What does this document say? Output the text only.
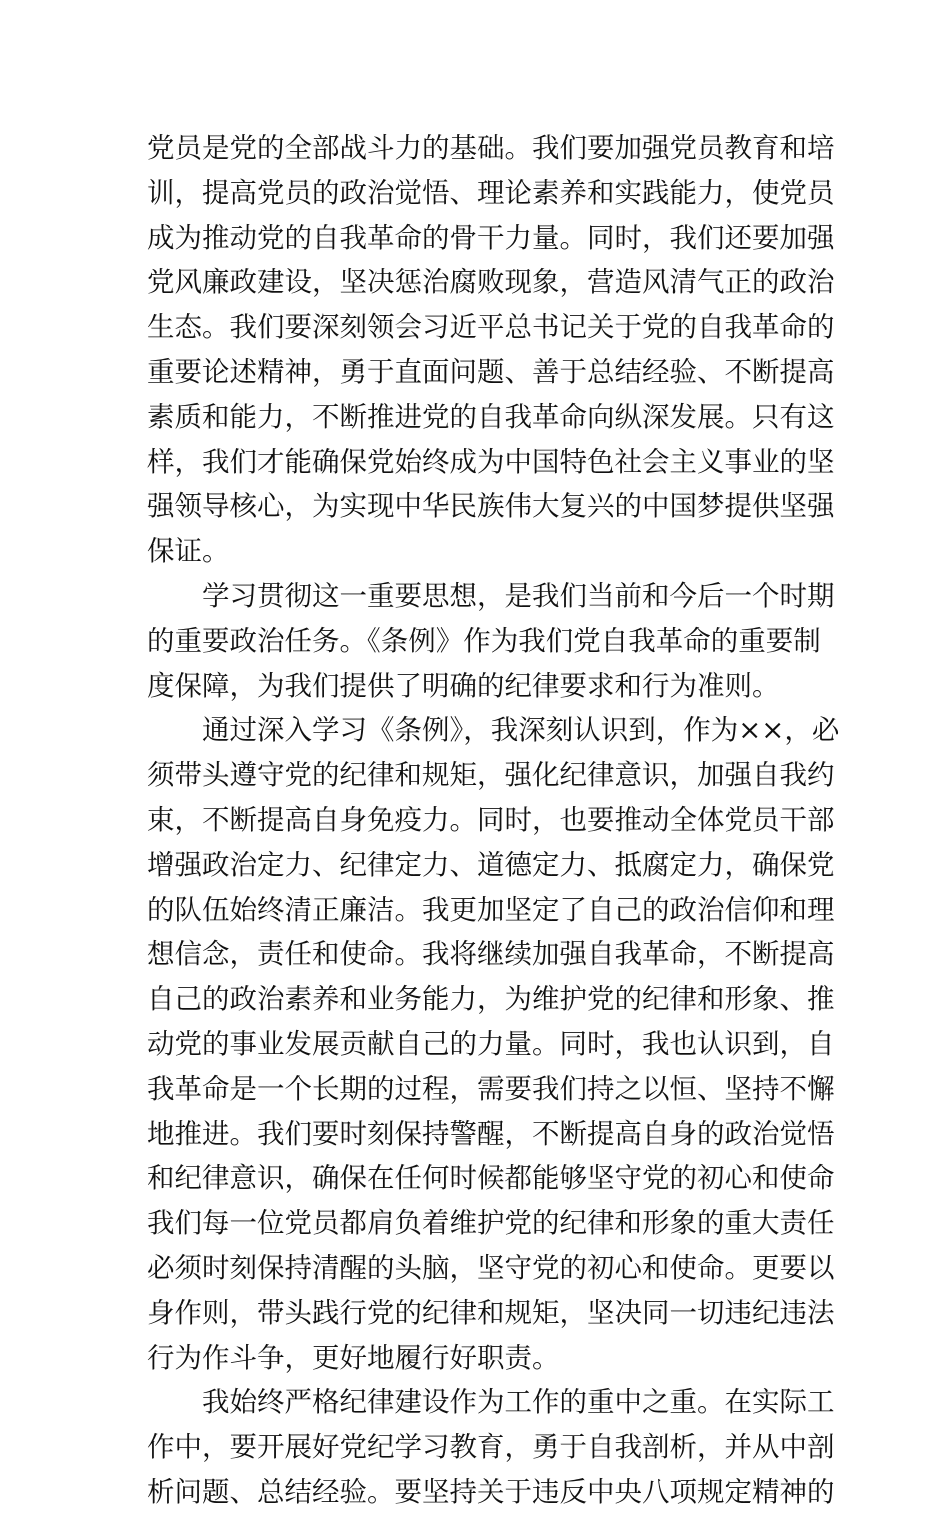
党员是党的全部战斗力的基础。我们要加强党员教育和培
训，提高党员的政治觉悟、理论素养和实践能力，使党员
成为推动党的自我革命的骨干力量。同时，我们还要加强
党风廉政建设，坚决惩治腐败现象，营造风清气正的政治
生态。我们要深刻领会习近平总书记关于党的自我革命的
重要论述精神，勇于直面问题、善于总结经验、不断提高
素质和能力，不断推进党的自我革命向纵深发展。只有这
样，我们才能确保党始终成为中国特色社会主义事业的坚
强领导核心，为实现中华民族伟大复兴的中国梦提供坚强
保证。
学习贯彻这一重要思想，是我们当前和今后一个时期
的重要政治任务。《条例》作为我们党自我革命的重要制
度保障，为我们提供了明确的纪律要求和行为准则。
通过深入学习《条例》，我深刻认识到，作为××，必
须带头遵守党的纪律和规矩，强化纪律意识，加强自我约
束，不断提高自身免疫力。同时，也要推动全体党员干部
增强政治定力、纪律定力、道德定力、抵腐定力，确保党
的队伍始终清正廉洁。我更加坚定了自己的政治信仰和理
想信念，责任和使命。我将继续加强自我革命，不断提高
自己的政治素养和业务能力，为维护党的纪律和形象、推
动党的事业发展贡献自己的力量。同时，我也认识到，自
我革命是一个长期的过程，需要我们持之以恒、坚持不懈
地推进。我们要时刻保持警醒，不断提高自身的政治觉悟
和纪律意识，确保在任何时候都能够坚守党的初心和使命
我们每一位党员都肩负着维护党的纪律和形象的重大责任
必须时刻保持清醒的头脑，坚守党的初心和使命。更要以
身作则，带头践行党的纪律和规矩，坚决同一切违纪违法
行为作斗争，更好地履行好职责。
我始终严格纪律建设作为工作的重中之重。在实际工
作中，要开展好党纪学习教育，勇于自我剖析，并从中剖
析问题、总结经验。要坚持关于违反中央八项规定精神的
